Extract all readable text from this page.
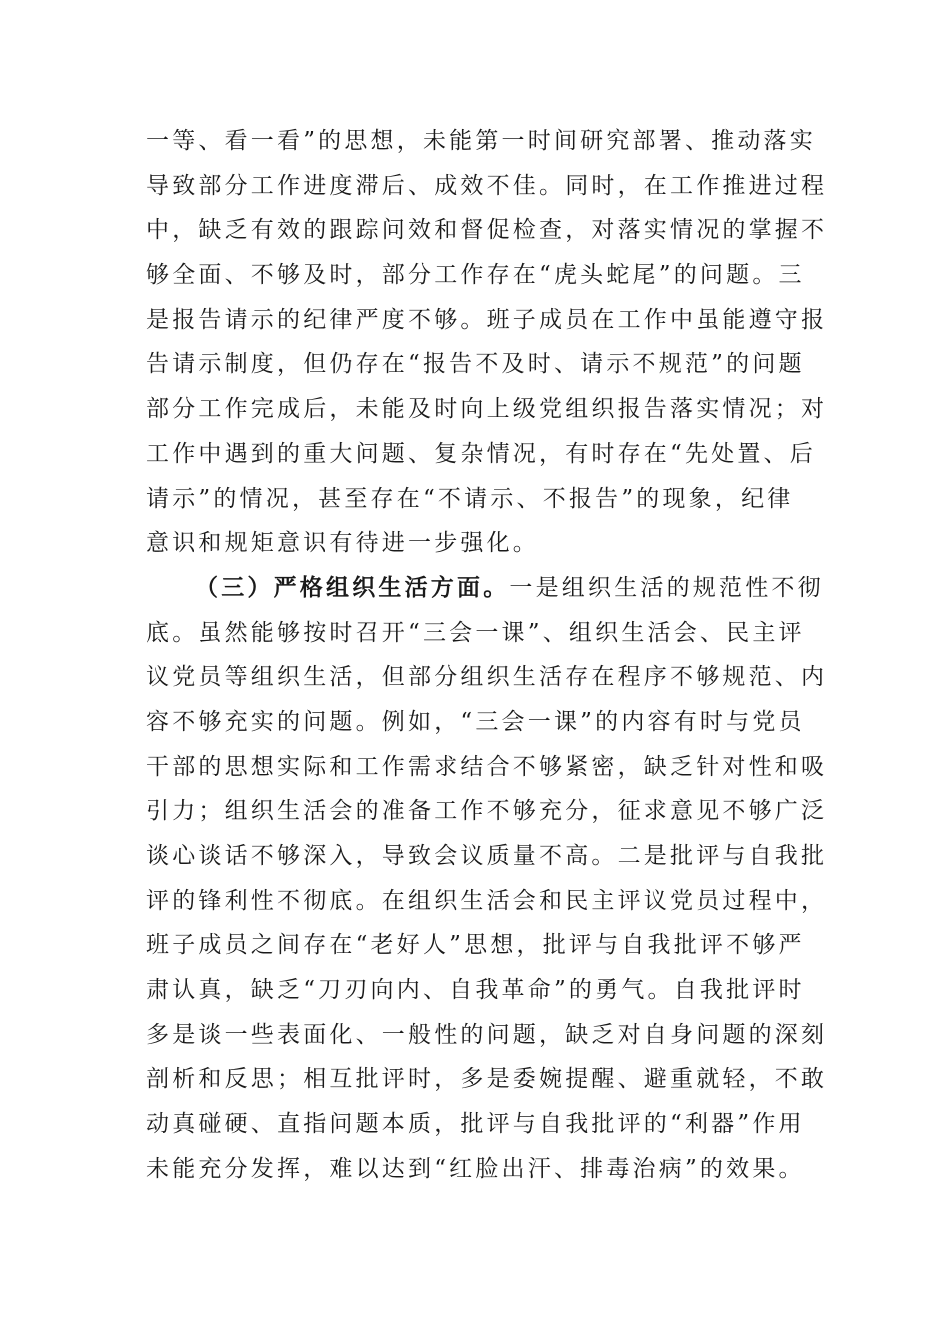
一等、看一看”的思想，未能第一时间研究部署、推动落实
导致部分工作进度滞后、成效不佳。同时，在工作推进过程
中，缺乏有效的跟踪问效和督促检查，对落实情况的掌握不
够全面、不够及时，部分工作存在“虎头蛇尾”的问题。三
是报告请示的纪律严度不够。班子成员在工作中虽能遵守报
告请示制度，但仍存在“报告不及时、请示不规范”的问题
部分工作完成后，未能及时向上级党组织报告落实情况；对
工作中遇到的重大问题、复杂情况，有时存在“先处置、后
请示”的情况，甚至存在“不请示、不报告”的现象，纪律
意识和规矩意识有待进一步强化。
（三）严格组织生活方面。一是组织生活的规范性不彻
底。虽然能够按时召开“三会一课”、组织生活会、民主评
议党员等组织生活，但部分组织生活存在程序不够规范、内
容不够充实的问题。例如，“三会一课”的内容有时与党员
干部的思想实际和工作需求结合不够紧密，缺乏针对性和吸
引力；组织生活会的准备工作不够充分，征求意见不够广泛
谈心谈话不够深入，导致会议质量不高。二是批评与自我批
评的锋利性不彻底。在组织生活会和民主评议党员过程中，
班子成员之间存在“老好人”思想，批评与自我批评不够严
肃认真，缺乏“刀刃向内、自我革命”的勇气。自我批评时
多是谈一些表面化、一般性的问题，缺乏对自身问题的深刻
剖析和反思；相互批评时，多是委婉提醒、避重就轻，不敢
动真碰硬、直指问题本质，批评与自我批评的“利器”作用
未能充分发挥，难以达到“红脸出汗、排毒治病”的效果。
